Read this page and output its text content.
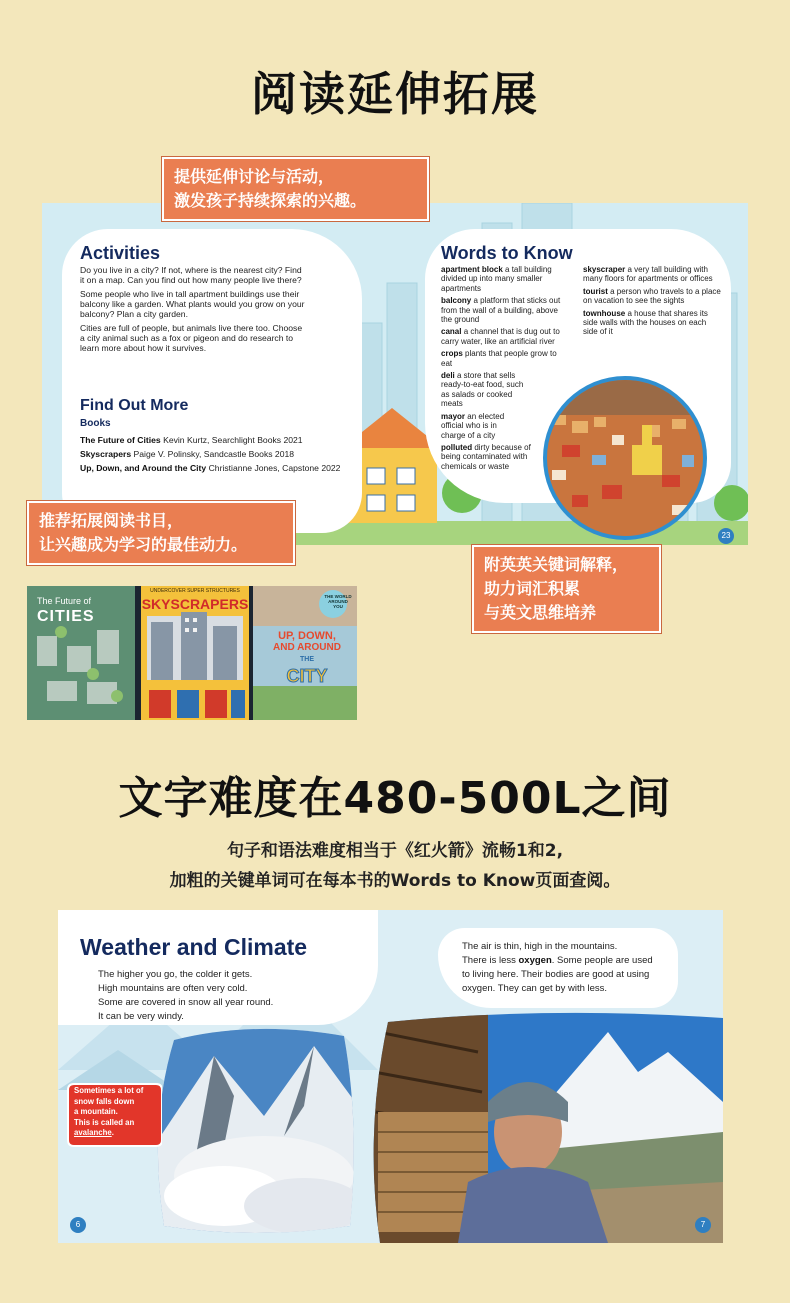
阅读延伸拓展
Activities

Do you live in a city? If not, where is the nearest city? Find it on a map. Can you find out how many people live there?

Some people who live in tall apartment buildings use their balcony like a garden. What plants would you grow on your balcony? Plan a city garden.

Cities are full of people, but animals live there too. Choose a city animal such as a fox or pigeon and do research to learn more about how it survives.

Find Out More
Books

The Future of Cities Kevin Kurtz, Searchlight Books 2021

Skyscrapers Paige V. Polinsky, Sandcastle Books 2018

Up, Down, and Around the City Christianne Jones, Capstone 2022

Words to Know

apartment block a tall building divided up into many smaller apartments

balcony a platform that sticks out from the wall of a building, above the ground

canal a channel that is dug out to carry water, like an artificial river

crops plants that people grow to eat

deli a store that sells ready-to-eat food, such as salads or cooked meats

mayor an elected official who is in charge of a city

polluted dirty because of being contaminated with chemicals or waste

skyscraper a very tall building with many floors for apartments or offices

tourist a person who travels to a place on vacation to see the sights

townhouse a house that shares its side walls with the houses on each side of it

23
提供延伸讨论与活动，
激发孩子持续探索的兴趣。
推荐拓展阅读书目，
让兴趣成为学习的最佳动力。
附英英关键词解释，
助力词汇积累
与英文思维培养
The Future of
CITIES
UNDERCOVER SUPER STRUCTURES
SKYSCRAPERS	THE WORLD AROUND YOU
UP, DOWN,
AND AROUND
THE
CITY
文字难度在480-500L之间
句子和语法难度相当于《红火箭》流畅1和2,
加粗的关键单词可在每本书的Words to Know页面查阅。
Weather and Climate
The higher you go, the colder it gets.
High mountains are often very cold.
Some are covered in snow all year round.
It can be very windy.
The air is thin, high in the mountains.
There is less oxygen. Some people are used
to living here. Their bodies are good at using
oxygen. They can get by with less.
Sometimes a lot of
snow falls down
a mountain.
This is called an
avalanche.
6	7
